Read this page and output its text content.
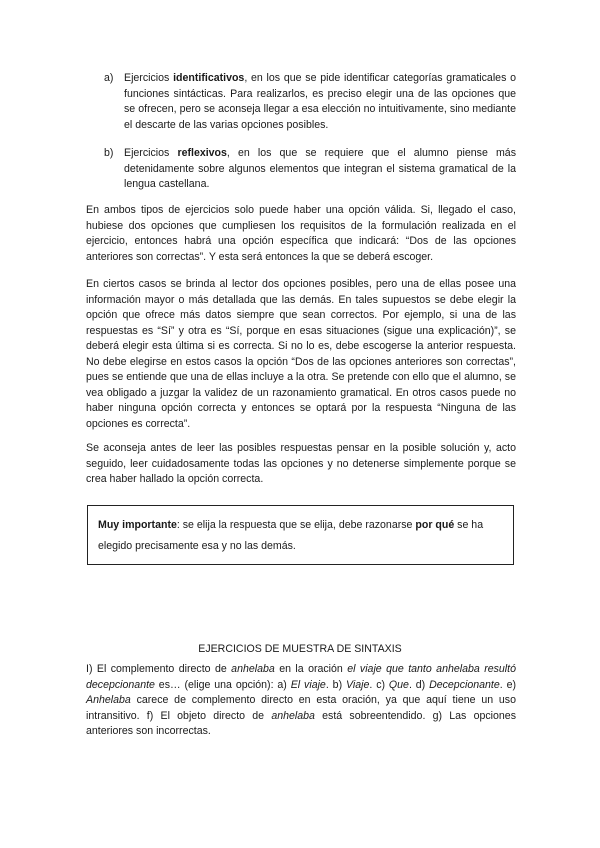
a) Ejercicios identificativos, en los que se pide identificar categorías gramaticales o funciones sintácticas. Para realizarlos, es preciso elegir una de las opciones que se ofrecen, pero se aconseja llegar a esa elección no intuitivamente, sino mediante el descarte de las varias opciones posibles.
b) Ejercicios reflexivos, en los que se requiere que el alumno piense más detenidamente sobre algunos elementos que integran el sistema gramatical de la lengua castellana.

En ambos tipos de ejercicios solo puede haber una opción válida. Si, llegado el caso, hubiese dos opciones que cumpliesen los requisitos de la formulación realizada en el ejercicio, entonces habrá una opción específica que indicará: “Dos de las opciones anteriores son correctas”. Y esta será entonces la que se deberá escoger.

En ciertos casos se brinda al lector dos opciones posibles, pero una de ellas posee una información mayor o más detallada que las demás. En tales supuestos se debe elegir la opción que ofrece más datos siempre que sean correctos. Por ejemplo, si una de las respuestas es “Sí” y otra es “Sí, porque en esas situaciones (sigue una explicación)”, se deberá elegir esta última si es correcta. Si no lo es, debe escogerse la anterior respuesta. No debe elegirse en estos casos la opción “Dos de las opciones anteriores son correctas”, pues se entiende que una de ellas incluye a la otra. Se pretende con ello que el alumno, se vea obligado a juzgar la validez de un razonamiento gramatical. En otros casos puede no haber ninguna opción correcta y entonces se optará por la respuesta “Ninguna de las opciones es correcta”.

Se aconseja antes de leer las posibles respuestas pensar en la posible solución y, acto seguido, leer cuidadosamente todas las opciones y no detenerse simplemente porque se crea haber hallado la opción correcta.

Muy importante: se elija la respuesta que se elija, debe razonarse por qué se ha elegido precisamente esa y no las demás.
EJERCICIOS DE MUESTRA DE SINTAXIS
I) El complemento directo de anhelaba en la oración el viaje que tanto anhelaba resultó decepcionante es… (elige una opción): a) El viaje. b) Viaje. c) Que. d) Decepcionante. e) Anhelaba carece de complemento directo en esta oración, ya que aquí tiene un uso intransitivo. f) El objeto directo de anhelaba está sobreentendido. g) Las opciones anteriores son incorrectas.
